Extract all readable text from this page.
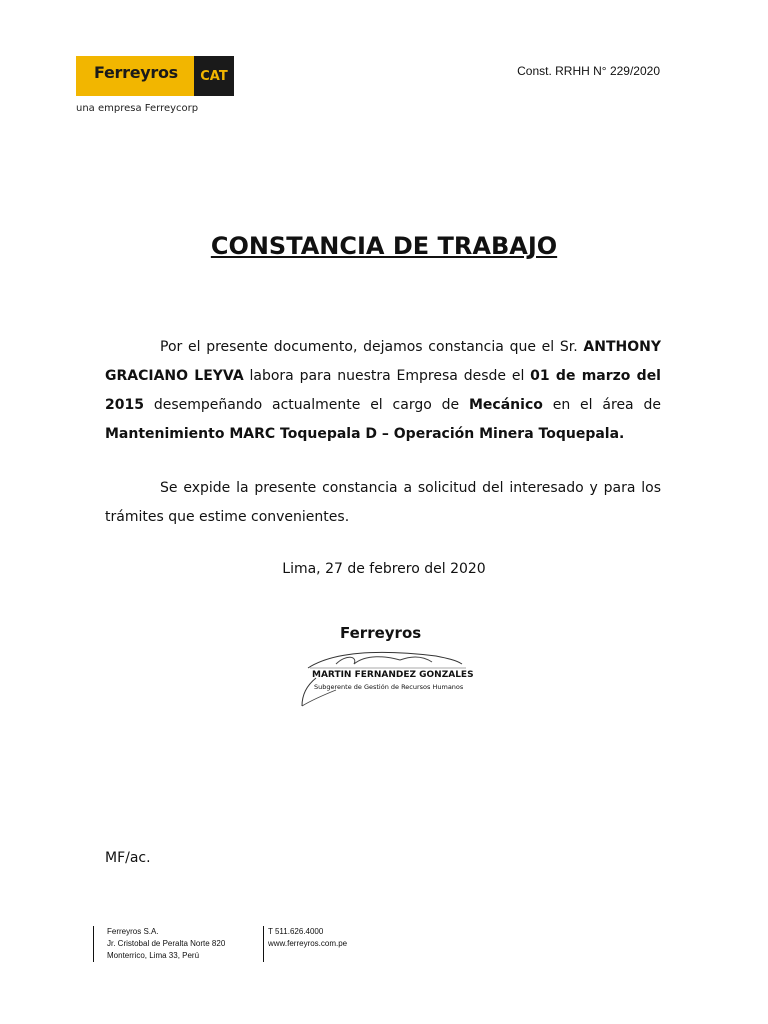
Ferreyros	CAT
una empresa Ferreycorp
Const. RRHH N° 229/2020
CONSTANCIA DE TRABAJO
Por el presente documento, dejamos constancia que el Sr. ANTHONY GRACIANO LEYVA labora para nuestra Empresa desde el 01 de marzo del 2015 desempeñando actualmente el cargo de Mecánico en el área de Mantenimiento MARC Toquepala D – Operación Minera Toquepala.
Se expide la presente constancia a solicitud del interesado y para los trámites que estime convenientes.
Lima, 27 de febrero del 2020
Ferreyros
MARTIN FERNANDEZ GONZALES
Subgerente de Gestión de Recursos Humanos
MF/ac.
Ferreyros S.A.
Jr. Cristobal de Peralta Norte 820
Monterrico, Lima 33, Perú
T 511.626.4000
www.ferreyros.com.pe
